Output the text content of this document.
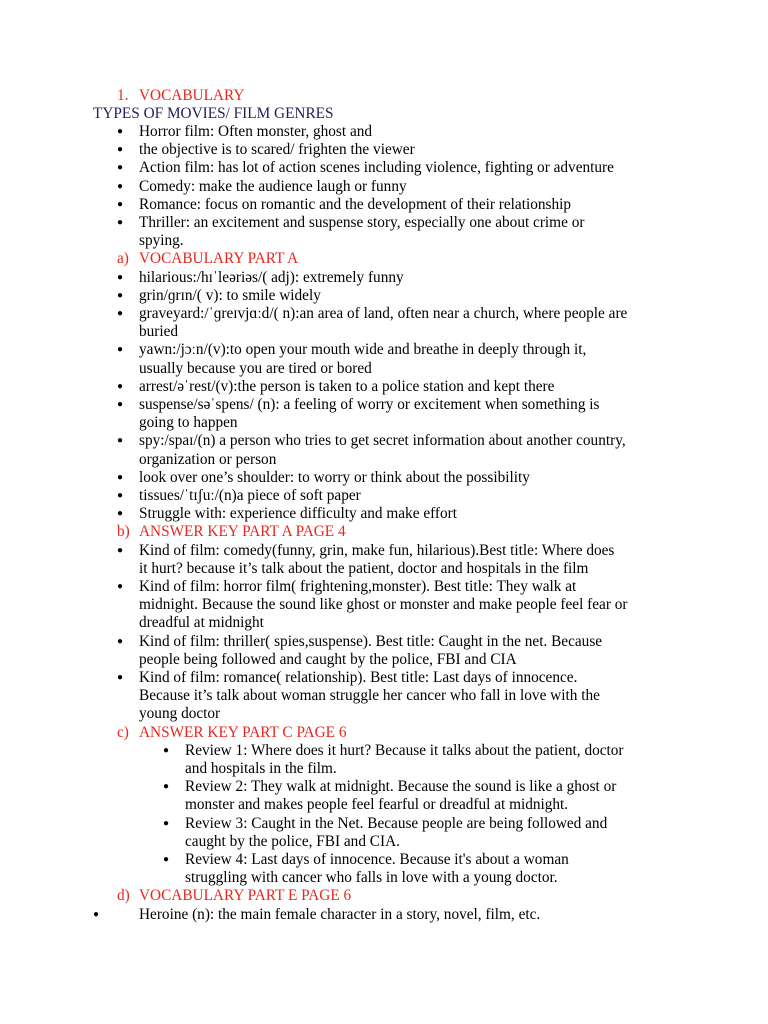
1. VOCABULARY
TYPES OF MOVIES/ FILM GENRES
● Horror film: Often monster, ghost and
● the objective is to scared/ frighten the viewer
● Action film: has lot of action scenes including violence, fighting or adventure
● Comedy: make the audience laugh or funny
● Romance: focus on romantic and the development of their relationship
● Thriller: an excitement and suspense story, especially one about crime or
spying.
a) VOCABULARY PART A
● hilarious:/hɪˈleəriəs/( adj): extremely funny
● grin/ɡrɪn/( v): to smile widely
● graveyard:/ˈɡreɪvjɑːd/( n):an area of land, often near a church, where people are
buried
● yawn:/jɔːn/(v):to open your mouth wide and breathe in deeply through it,
usually because you are tired or bored
● arrest/əˈrest/(v):the person is taken to a police station and kept there
● suspense/səˈspens/ (n): a feeling of worry or excitement when something is
going to happen
● spy:/spaɪ/(n) a person who tries to get secret information about another country,
organization or person
● look over one’s shoulder: to worry or think about the possibility
● tissues/ˈtɪʃuː/(n)a piece of soft paper
● Struggle with: experience difficulty and make effort
b) ANSWER KEY PART A PAGE 4
● Kind of film: comedy(funny, grin, make fun, hilarious).Best title: Where does
it hurt? because it’s talk about the patient, doctor and hospitals in the film
● Kind of film: horror film( frightening,monster). Best title: They walk at
midnight. Because the sound like ghost or monster and make people feel fear or
dreadful at midnight
● Kind of film: thriller( spies,suspense). Best title: Caught in the net. Because
people being followed and caught by the police, FBI and CIA
● Kind of film: romance( relationship). Best title: Last days of innocence.
Because it’s talk about woman struggle her cancer who fall in love with the
young doctor
c) ANSWER KEY PART C PAGE 6
● Review 1: Where does it hurt? Because it talks about the patient, doctor
and hospitals in the film.
● Review 2: They walk at midnight. Because the sound is like a ghost or
monster and makes people feel fearful or dreadful at midnight.
● Review 3: Caught in the Net. Because people are being followed and
caught by the police, FBI and CIA.
● Review 4: Last days of innocence. Because it's about a woman
struggling with cancer who falls in love with a young doctor.
d) VOCABULARY PART E PAGE 6
●	Heroine (n): the main female character in a story, novel, film, etc.
